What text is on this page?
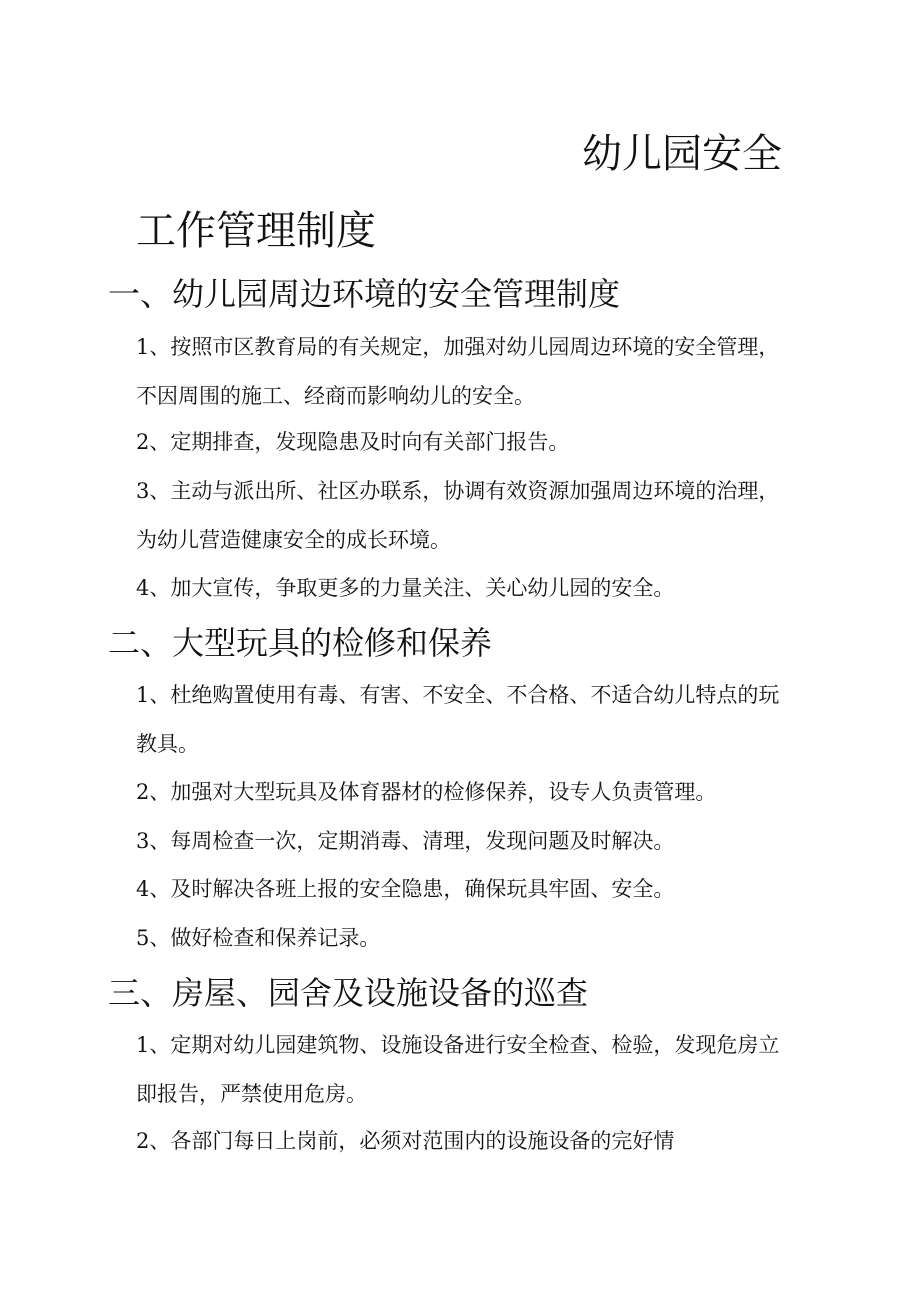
幼儿园安全
工作管理制度
一、幼儿园周边环境的安全管理制度
1、按照市区教育局的有关规定，加强对幼儿园周边环境的安全管理，不因周围的施工、经商而影响幼儿的安全。
2、定期排查，发现隐患及时向有关部门报告。
3、主动与派出所、社区办联系，协调有效资源加强周边环境的治理，为幼儿营造健康安全的成长环境。
4、加大宣传，争取更多的力量关注、关心幼儿园的安全。
二、大型玩具的检修和保养
1、杜绝购置使用有毒、有害、不安全、不合格、不适合幼儿特点的玩教具。
2、加强对大型玩具及体育器材的检修保养，设专人负责管理。
3、每周检查一次，定期消毒、清理，发现问题及时解决。
4、及时解决各班上报的安全隐患，确保玩具牢固、安全。
5、做好检查和保养记录。
三、房屋、园舍及设施设备的巡查
1、定期对幼儿园建筑物、设施设备进行安全检查、检验，发现危房立即报告，严禁使用危房。
2、各部门每日上岗前，必须对范围内的设施设备的完好情
